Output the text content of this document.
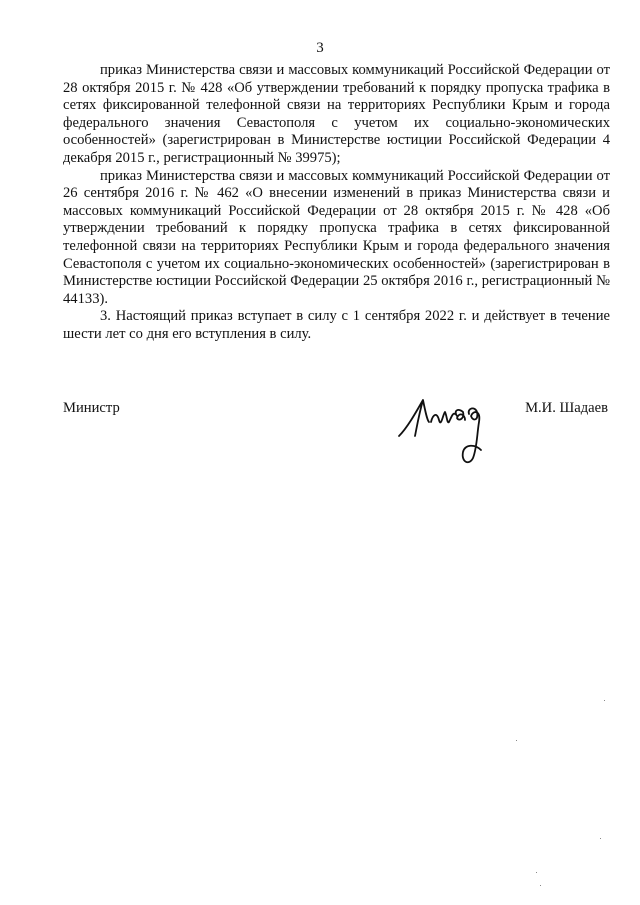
3

приказ Министерства связи и массовых коммуникаций Российской Федерации от 28 октября 2015 г. № 428 «Об утверждении требований к порядку пропуска трафика в сетях фиксированной телефонной связи на территориях Республики Крым и города федерального значения Севастополя с учетом их социально-экономических особенностей» (зарегистрирован в Министерстве юстиции Российской Федерации 4 декабря 2015 г., регистрационный № 39975);

приказ Министерства связи и массовых коммуникаций Российской Федерации от 26 сентября 2016 г. № 462 «О внесении изменений в приказ Министерства связи и массовых коммуникаций Российской Федерации от 28 октября 2015 г. № 428 «Об утверждении требований к порядку пропуска трафика в сетях фиксированной телефонной связи на территориях Республики Крым и города федерального значения Севастополя с учетом их социально-экономических особенностей» (зарегистрирован в Министерстве юстиции Российской Федерации 25 октября 2016 г., регистрационный № 44133).

3. Настоящий приказ вступает в силу с 1 сентября 2022 г. и действует в течение шести лет со дня его вступления в силу.

Министр	М.И. Шадаев
